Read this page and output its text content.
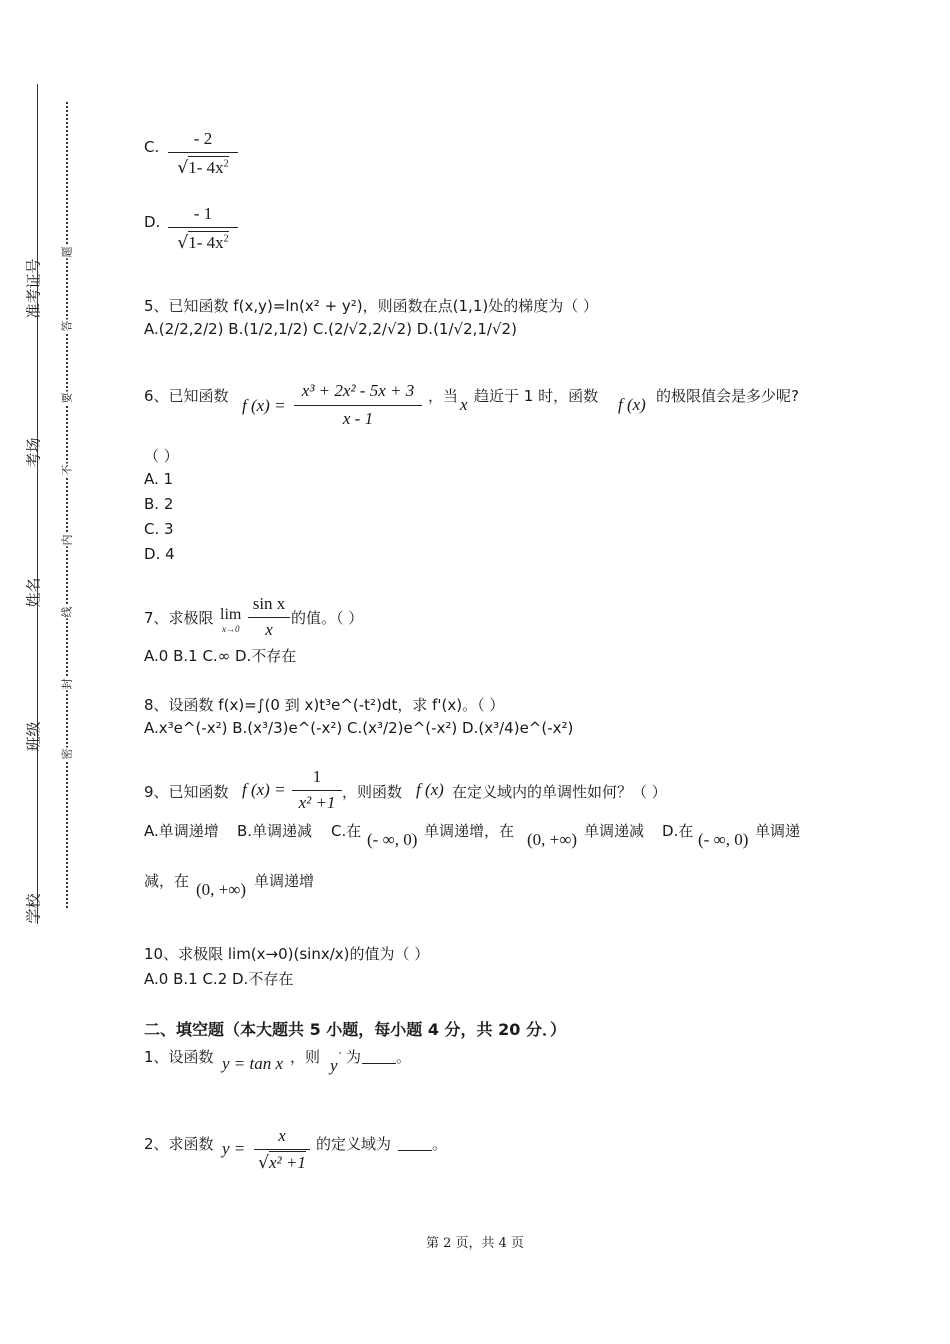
准考证号
考场
姓名
班级
学校
题
答
要
不
内
线
封
密
C.	- 2
√1- $4x^2$
D.	- 1
√1- $4x^2$
5、已知函数 f(x,y)=ln(x² + y²)，则函数在点(1,1)处的梯度为（ ）
A.(2/2,2/2) B.(1/2,1/2) C.(2/√2,2/√2) D.(1/√2,1/√2)
6、已知函数 f (x) =
x³ + 2x² - 5x + 3
x - 1
，当 x 趋近于 1 时，函数 f (x) 的极限值会是多少呢?
（ ）
A. 1
B. 2
C. 3
D. 4
7、求极限 lim
x→0
sin x
x
的值。（ ）
A.0 B.1 C.∞ D.不存在
8、设函数 f(x)=∫(0 到 x)t³e^(-t²)dt，求 f'(x)。（ ）
A.x³e^(-x²) B.(x³/3)e^(-x²) C.(x³/2)e^(-x²) D.(x³/4)e^(-x²)
9、已知函数 f (x) =
1
x² +1
，则函数 f (x) 在定义域内的单调性如何？（ ）
A.单调递增 B.单调递减 C.在 (- ∞, 0) 单调递增，在 (0, +∞) 单调递减 D.在 (- ∞, 0) 单调递
减，在 (0, +∞) 单调递增
10、求极限 lim(x→0)(sinx/x)的值为（ ）
A.0 B.1 C.2 D.不存在
二、填空题（本大题共 5 小题，每小题 4 分，共 20 分．）
1、设函数 y = tan x ，则 y ′ 为 。
2、求函数 y =
x
√x² +1
的定义域为	。
第 2 页，共 4 页
